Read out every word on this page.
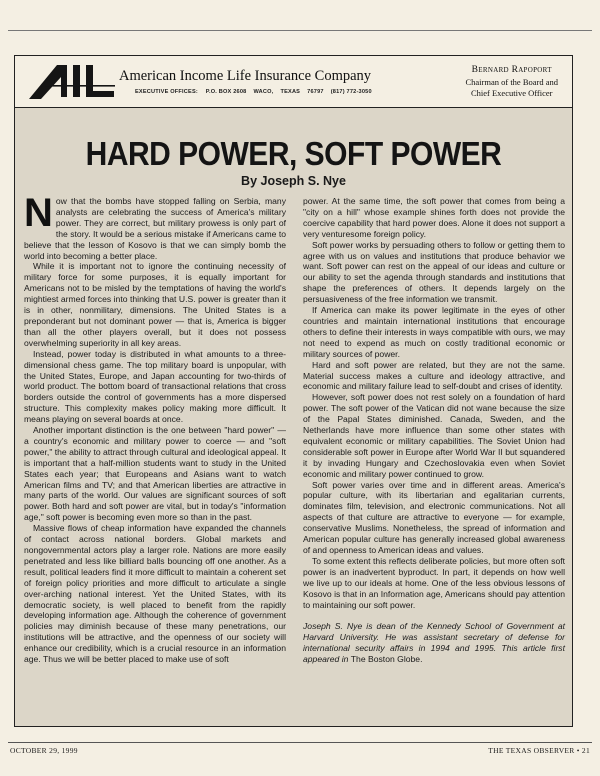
American Income Life Insurance Company
EXECUTIVE OFFICES: P.O. BOX 2608    WACO,    TEXAS    76797    (817) 772-3050
Bernard Rapoport
Chairman of the Board and
Chief Executive Officer
HARD POWER, SOFT POWER
By Joseph S. Nye

Now that the bombs have stopped falling on Serbia, many analysts are celebrating the success of America's military power. They are correct, but military prowess is only part of the story. It would be a serious mistake if Americans came to believe that the lesson of Kosovo is that we can simply bomb the world into becoming a better place.

While it is important not to ignore the continuing necessity of military force for some purposes, it is equally important for Americans not to be misled by the temptations of having the world's mightiest armed forces into thinking that U.S. power is greater than it is in other, nonmilitary, dimensions. The United States is a preponderant but not dominant power — that is, America is bigger than all the other players overall, but it does not possess overwhelming superiority in all key areas.

Instead, power today is distributed in what amounts to a three-dimensional chess game. The top military board is unpopular, with the United States, Europe, and Japan accounting for two-thirds of world product. The bottom board of transactional relations that cross borders outside the control of governments has a more dispersed structure. This complexity makes policy making more difficult. It means playing on several boards at once.

Another important distinction is the one between "hard power" — a country's economic and military power to coerce — and "soft power," the ability to attract through cultural and ideological appeal. It is important that a half-million students want to study in the United States each year; that Europeans and Asians want to watch American films and TV; and that American liberties are attractive in many parts of the world. Our values are significant sources of soft power. Both hard and soft power are vital, but in today's "information age," soft power is becoming even more so than in the past.

Massive flows of cheap information have expanded the channels of contact across national borders. Global markets and nongovernmental actors play a larger role. Nations are more easily penetrated and less like billiard balls bouncing off one another. As a result, political leaders find it more difficult to maintain a coherent set of foreign policy priorities and more difficult to articulate a single over-arching national interest. Yet the United States, with its democratic society, is well placed to benefit from the rapidly developing information age. Although the coherence of government policies may diminish because of these many penetrations, our institutions will be attractive, and the openness of our society will enhance our credibility, which is a crucial resource in an information age. Thus we will be better placed to make use of soft

power. At the same time, the soft power that comes from being a "city on a hill" whose example shines forth does not provide the coercive capability that hard power does. Alone it does not support a very venturesome foreign policy.

Soft power works by persuading others to follow or getting them to agree with us on values and institutions that produce behavior we want. Soft power can rest on the appeal of our ideas and culture or our ability to set the agenda through standards and institutions that shape the preferences of others. It depends largely on the persuasiveness of the free information we transmit.

If America can make its power legitimate in the eyes of other countries and maintain international institutions that encourage others to define their interests in ways compatible with ours, we may not need to expend as much on costly traditional economic or military sources of power.

Hard and soft power are related, but they are not the same. Material success makes a culture and ideology attractive, and economic and military failure lead to self-doubt and crises of identity.

However, soft power does not rest solely on a foundation of hard power. The soft power of the Vatican did not wane because the size of the Papal States diminished. Canada, Sweden, and the Netherlands have more influence than some other states with equivalent economic or military capabilities. The Soviet Union had considerable soft power in Europe after World War II but squandered it by invading Hungary and Czechoslovakia even when Soviet economic and military power continued to grow.

Soft power varies over time and in different areas. America's popular culture, with its libertarian and egalitarian currents, dominates film, television, and electronic communications. Not all aspects of that culture are attractive to everyone — for example, conservative Muslims. Nonetheless, the spread of information and American popular culture has generally increased global awareness of and openness to American ideas and values.

To some extent this reflects deliberate policies, but more often soft power is an inadvertent byproduct. In part, it depends on how well we live up to our ideals at home. One of the less obvious lessons of Kosovo is that in an Information age, Americans should pay attention to maintaining our soft power.

Joseph S. Nye is dean of the Kennedy School of Government at Harvard University. He was assistant secretary of defense for international security affairs in 1994 and 1995. This article first appeared in The Boston Globe.

OCTOBER 29, 1999	THE TEXAS OBSERVER • 21
